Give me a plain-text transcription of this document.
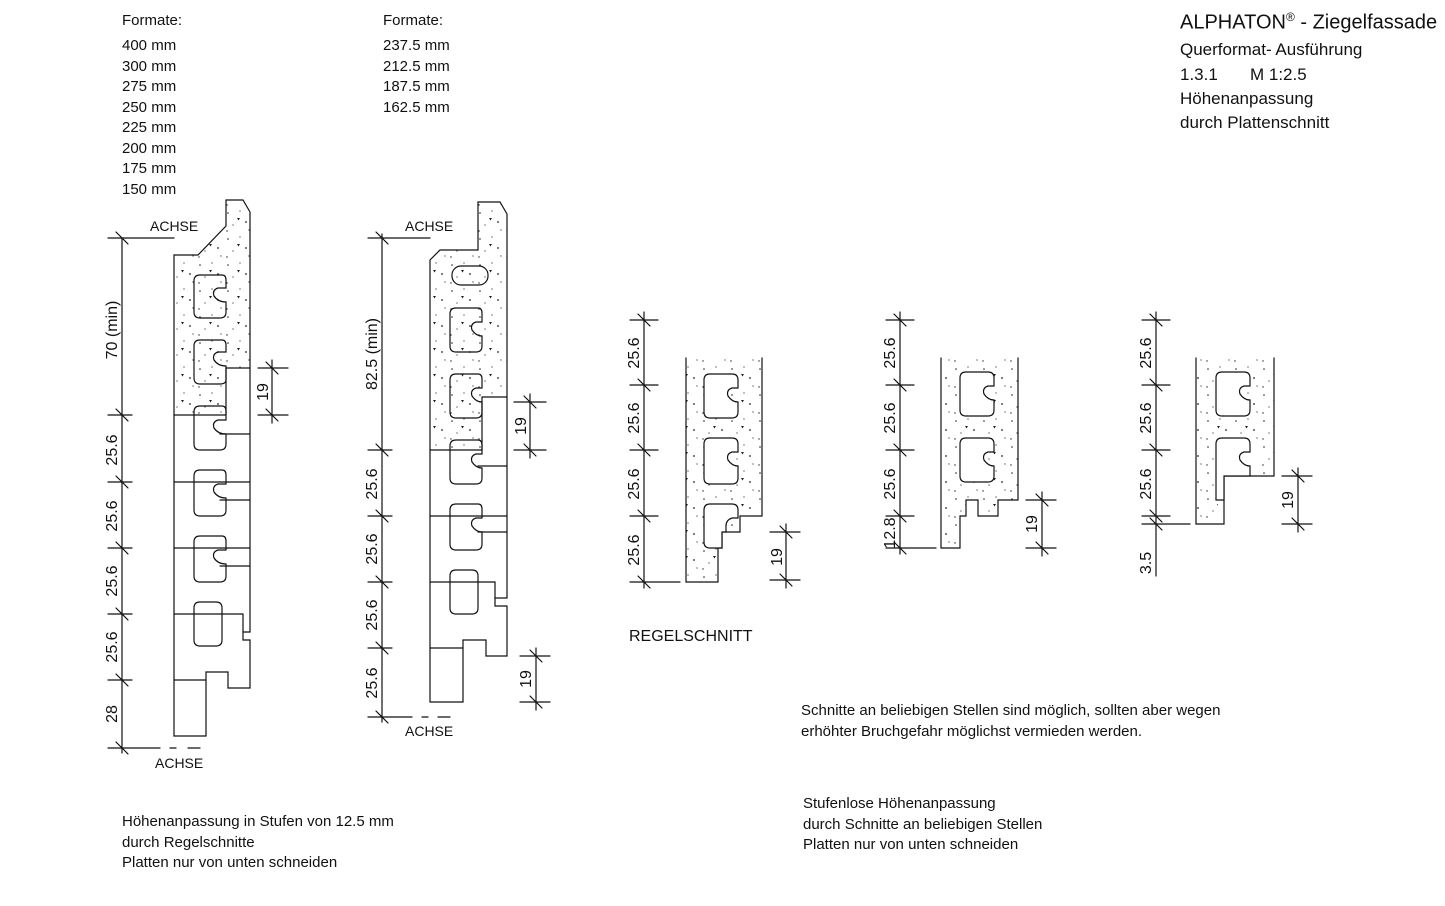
ALPHATON® - Ziegelfassade
Querformat- Ausführung
1.3.1 M 1:2.5
Höhenanpassung
durch Plattenschnitt
Formate:
400 mm
300 mm
275 mm
250 mm
225 mm
200 mm
175 mm
150 mm
Formate:
237.5 mm
212.5 mm
187.5 mm
162.5 mm
ACHSE
ACHSE
70 (min)
25.6
25.6
25.6
25.6
28
19
ACHSE
ACHSE
82.5 (min)
25.6
25.6
25.6
25.6
19
19
25.6
25.6
25.6
25.6	19
25.6
25.6
25.6
12.8	19
25.6
25.6
25.6
3.5
19
REGELSCHNITT
Schnitte an beliebigen Stellen sind möglich, sollten aber wegen
erhöhter Bruchgefahr möglichst vermieden werden.
Höhenanpassung in Stufen von 12.5 mm
durch Regelschnitte
Platten nur von unten schneiden
Stufenlose Höhenanpassung
durch Schnitte an beliebigen Stellen
Platten nur von unten schneiden
